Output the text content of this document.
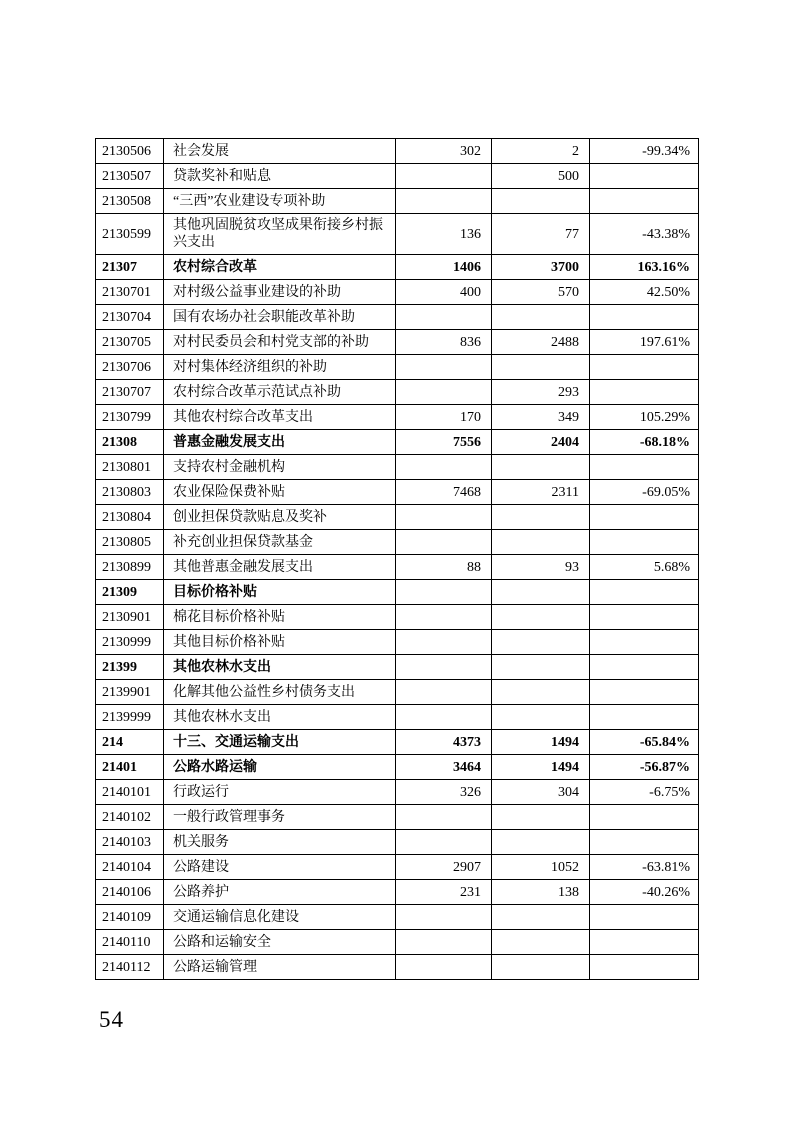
2130506	社会发展	302	2	-99.34%
2130507	贷款奖补和贴息		500	
2130508	“三西”农业建设专项补助			
2130599	其他巩固脱贫攻坚成果衔接乡村振兴支出	136	77	-43.38%
21307	农村综合改革	1406	3700	163.16%
2130701	对村级公益事业建设的补助	400	570	42.50%
2130704	国有农场办社会职能改革补助			
2130705	对村民委员会和村党支部的补助	836	2488	197.61%
2130706	对村集体经济组织的补助			
2130707	农村综合改革示范试点补助		293	
2130799	其他农村综合改革支出	170	349	105.29%
21308	普惠金融发展支出	7556	2404	-68.18%
2130801	支持农村金融机构			
2130803	农业保险保费补贴	7468	2311	-69.05%
2130804	创业担保贷款贴息及奖补			
2130805	补充创业担保贷款基金			
2130899	其他普惠金融发展支出	88	93	5.68%
21309	目标价格补贴			
2130901	棉花目标价格补贴			
2130999	其他目标价格补贴			
21399	其他农林水支出			
2139901	化解其他公益性乡村债务支出			
2139999	其他农林水支出			
214	十三、交通运输支出	4373	1494	-65.84%
21401	公路水路运输	3464	1494	-56.87%
2140101	行政运行	326	304	-6.75%
2140102	一般行政管理事务			
2140103	机关服务			
2140104	公路建设	2907	1052	-63.81%
2140106	公路养护	231	138	-40.26%
2140109	交通运输信息化建设			
2140110	公路和运输安全			
2140112	公路运输管理			
54
